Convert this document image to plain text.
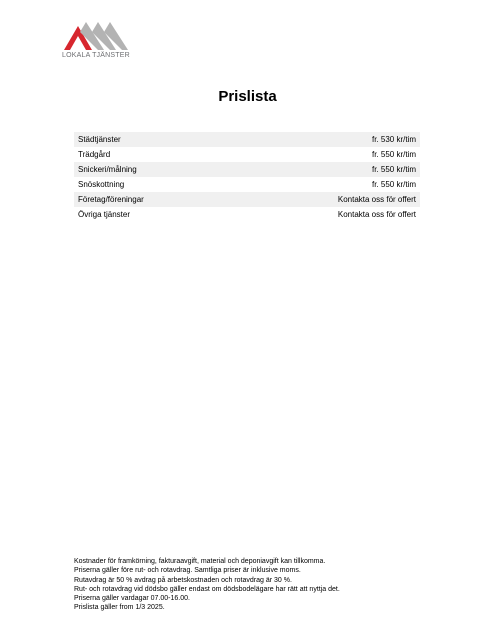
LOKALA TJÄNSTER
Prislista
Städtjänster	fr. 530 kr/tim
Trädgård	fr. 550 kr/tim
Snickeri/målning	fr. 550 kr/tim
Snöskottning	fr. 550 kr/tim
Företag/föreningar	Kontakta oss för offert
Övriga tjänster	Kontakta oss för offert
Kostnader för framkörning, fakturaavgift, material och deponiavgift kan tillkomma.
Priserna gäller före rut- och rotavdrag. Samtliga priser är inklusive moms.
Rutavdrag är 50 % avdrag på arbetskostnaden och rotavdrag är 30 %.
Rut- och rotavdrag vid dödsbo gäller endast om dödsbodelägare har rätt att nyttja det.
Priserna gäller vardagar 07.00-16.00.
Prislista gäller from 1/3 2025.
